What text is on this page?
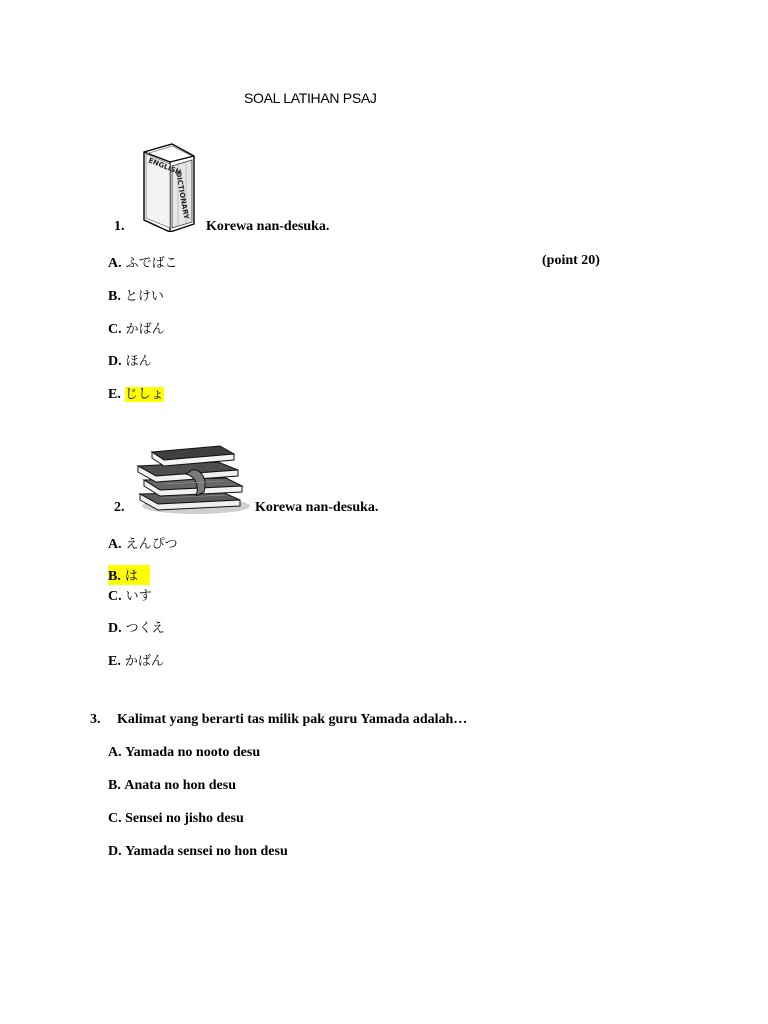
SOAL LATIHAN PSAJ
ENGLISH
DICTIONARY
1.	Korewa nan-desuka.
(point 20)
A. ふでばこ
B. とけい
C. かばん
D. ほん
E. じしょ
2.	Korewa nan-desuka.
A. えんぴつ
B. は
C. いす
D. つくえ
E. かばん
3. Kalimat yang berarti tas milik pak guru Yamada adalah…
A. Yamada no nooto desu
B. Anata no hon desu
C. Sensei no jisho desu
D. Yamada sensei no hon desu
